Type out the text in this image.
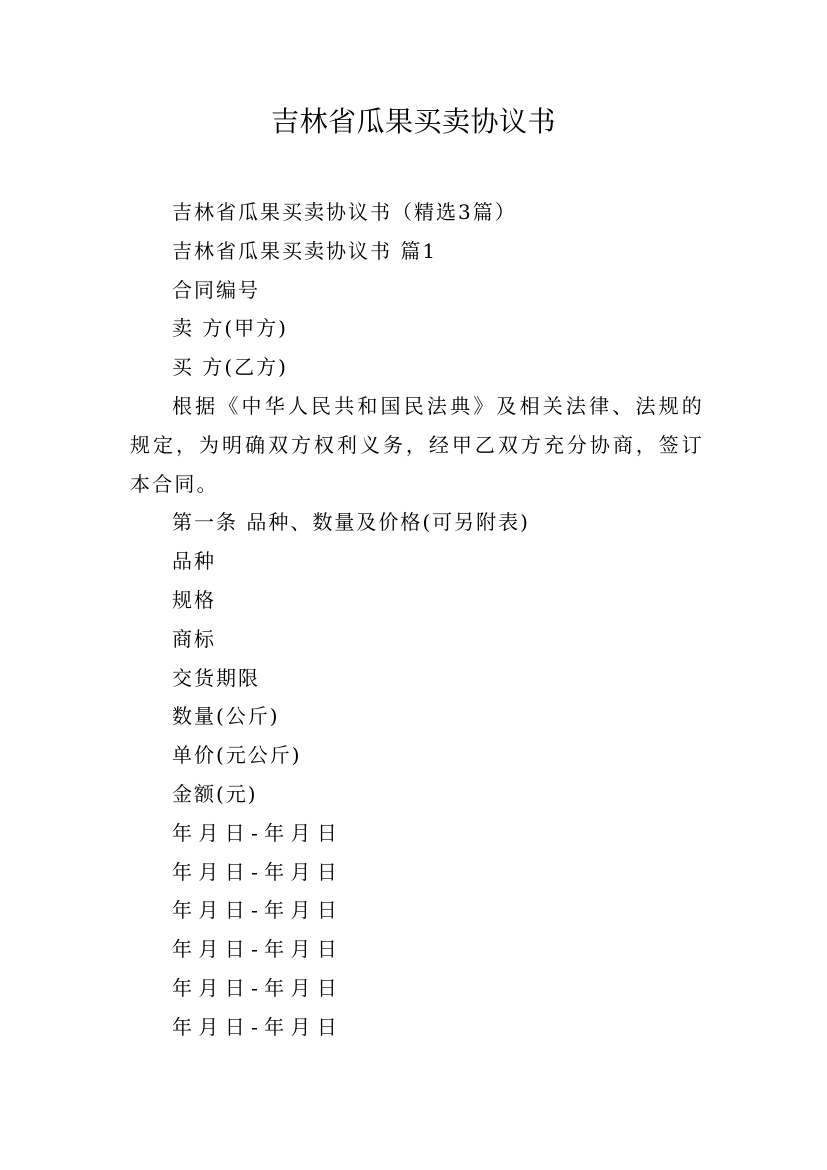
吉林省瓜果买卖协议书

吉林省瓜果买卖协议书（精选3篇）

吉林省瓜果买卖协议书 篇1

合同编号

卖 方(甲方)

买 方(乙方)

根据《中华人民共和国民法典》及相关法律、法规的规定，为明确双方权利义务，经甲乙双方充分协商，签订本合同。

第一条 品种、数量及价格(可另附表)

品种

规格

商标

交货期限

数量(公斤)

单价(元公斤)

金额(元)

年 月 日 - 年 月 日

年 月 日 - 年 月 日

年 月 日 - 年 月 日

年 月 日 - 年 月 日

年 月 日 - 年 月 日

年 月 日 - 年 月 日
